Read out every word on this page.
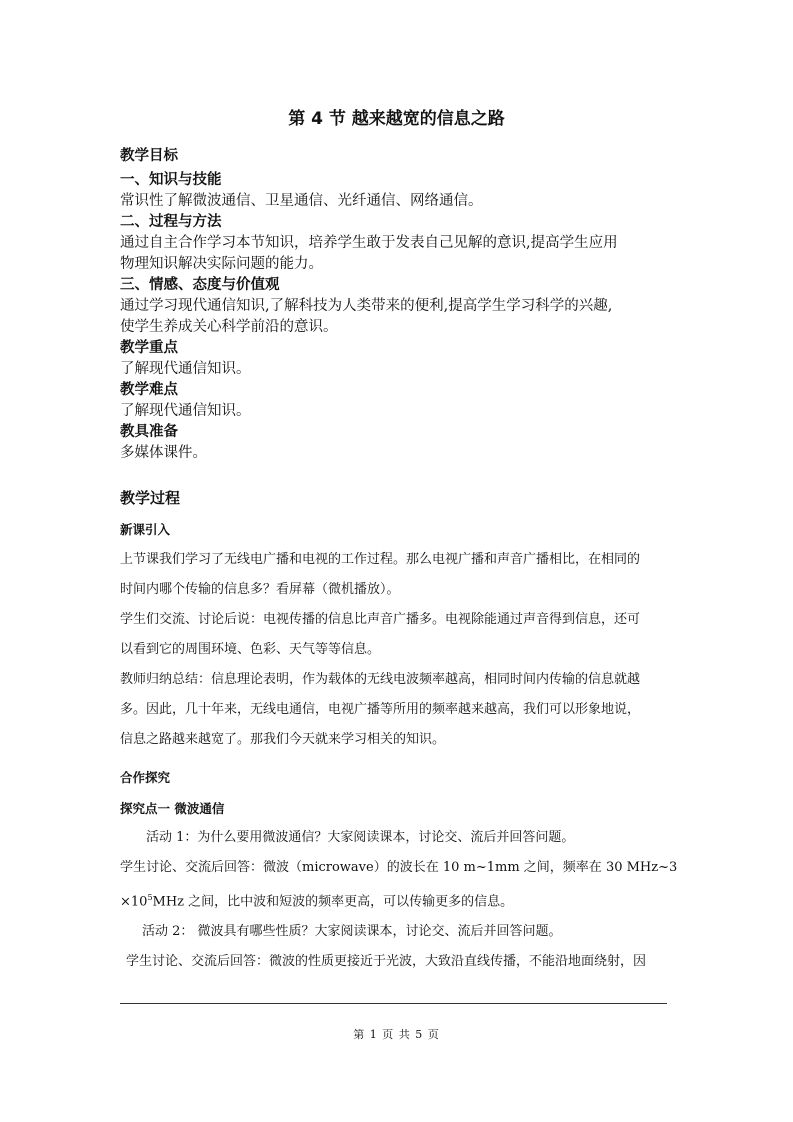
第 4 节 越来越宽的信息之路
教学目标
一、知识与技能
常识性了解微波通信、卫星通信、光纤通信、网络通信。
二、过程与方法
通过自主合作学习本节知识，培养学生敢于发表自己见解的意识,提高学生应用
物理知识解决实际问题的能力。
三、情感、态度与价值观
通过学习现代通信知识,了解科技为人类带来的便利,提高学生学习科学的兴趣,
使学生养成关心科学前沿的意识。
教学重点
了解现代通信知识。
教学难点
了解现代通信知识。
教具准备
多媒体课件。
教学过程
新课引入
上节课我们学习了无线电广播和电视的工作过程。那么电视广播和声音广播相比，在相同的
时间内哪个传输的信息多？看屏幕（微机播放）。
学生们交流、讨论后说：电视传播的信息比声音广播多。电视除能通过声音得到信息，还可
以看到它的周围环境、色彩、天气等等信息。
教师归纳总结：信息理论表明，作为载体的无线电波频率越高，相同时间内传输的信息就越
多。因此，几十年来，无线电通信，电视广播等所用的频率越来越高，我们可以形象地说，
信息之路越来越宽了。那我们今天就来学习相关的知识。
合作探究
探究点一 微波通信
活动 1：为什么要用微波通信？大家阅读课本，讨论交、流后并回答问题。
学生讨论、交流后回答：微波（microwave）的波长在 10 m~1mm 之间，频率在 30 MHz~3
$\times 10^5MHz$ 之间，比中波和短波的频率更高，可以传输更多的信息。
活动 2： 微波具有哪些性质？大家阅读课本，讨论交、流后并回答问题。
学生讨论、交流后回答：微波的性质更接近于光波，大致沿直线传播，不能沿地面绕射，因
第 1 页 共 5 页
